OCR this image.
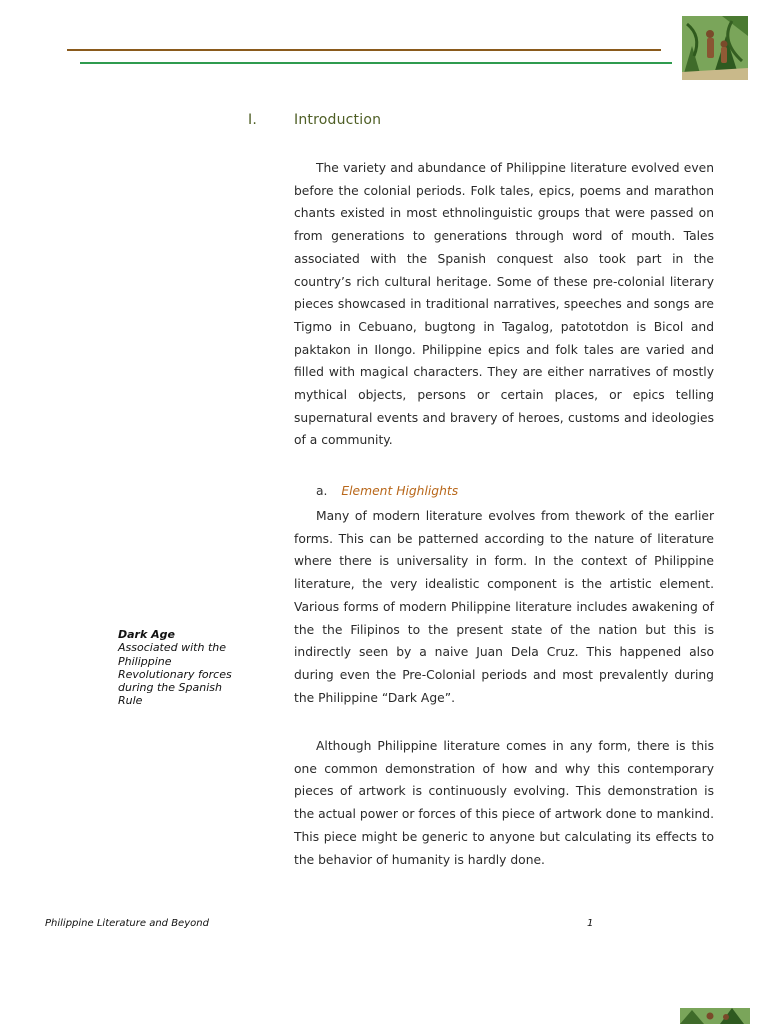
I.	Introduction

The variety and abundance of Philippine literature evolved even before the colonial periods. Folk tales, epics, poems and marathon chants existed in most ethnolinguistic groups that were passed on from generations to generations through word of mouth. Tales associated with the Spanish conquest also took part in the country’s rich cultural heritage. Some of these pre-colonial literary pieces showcased in traditional narratives, speeches and songs are Tigmo in Cebuano, bugtong in Tagalog, patototdon is Bicol and paktakon in Ilongo. Philippine epics and folk tales are varied and filled with magical characters. They are either narratives of mostly mythical objects, persons or certain places, or epics telling supernatural events and bravery of heroes, customs and ideologies of a community.

a. Element Highlights

Many of modern literature evolves from thework of the earlier forms. This can be patterned according to the nature of literature where there is universality in form. In the context of Philippine literature, the very idealistic component is the artistic element. Various forms of modern Philippine literature includes awakening of the the Filipinos to the present state of the nation but this is indirectly seen by a naive Juan Dela Cruz. This happened also during even the Pre-Colonial periods and most prevalently during the Philippine “Dark Age”.

Dark Age
Associated with the Philippine Revolutionary forces during the Spanish Rule

Although Philippine literature comes in any form, there is this one common demonstration of how and why this contemporary pieces of artwork is continuously evolving. This demonstration is the actual power or forces of this piece of artwork done to mankind. This piece might be generic to anyone but calculating its effects to the behavior of humanity is hardly done.

Philippine Literature and Beyond	1
